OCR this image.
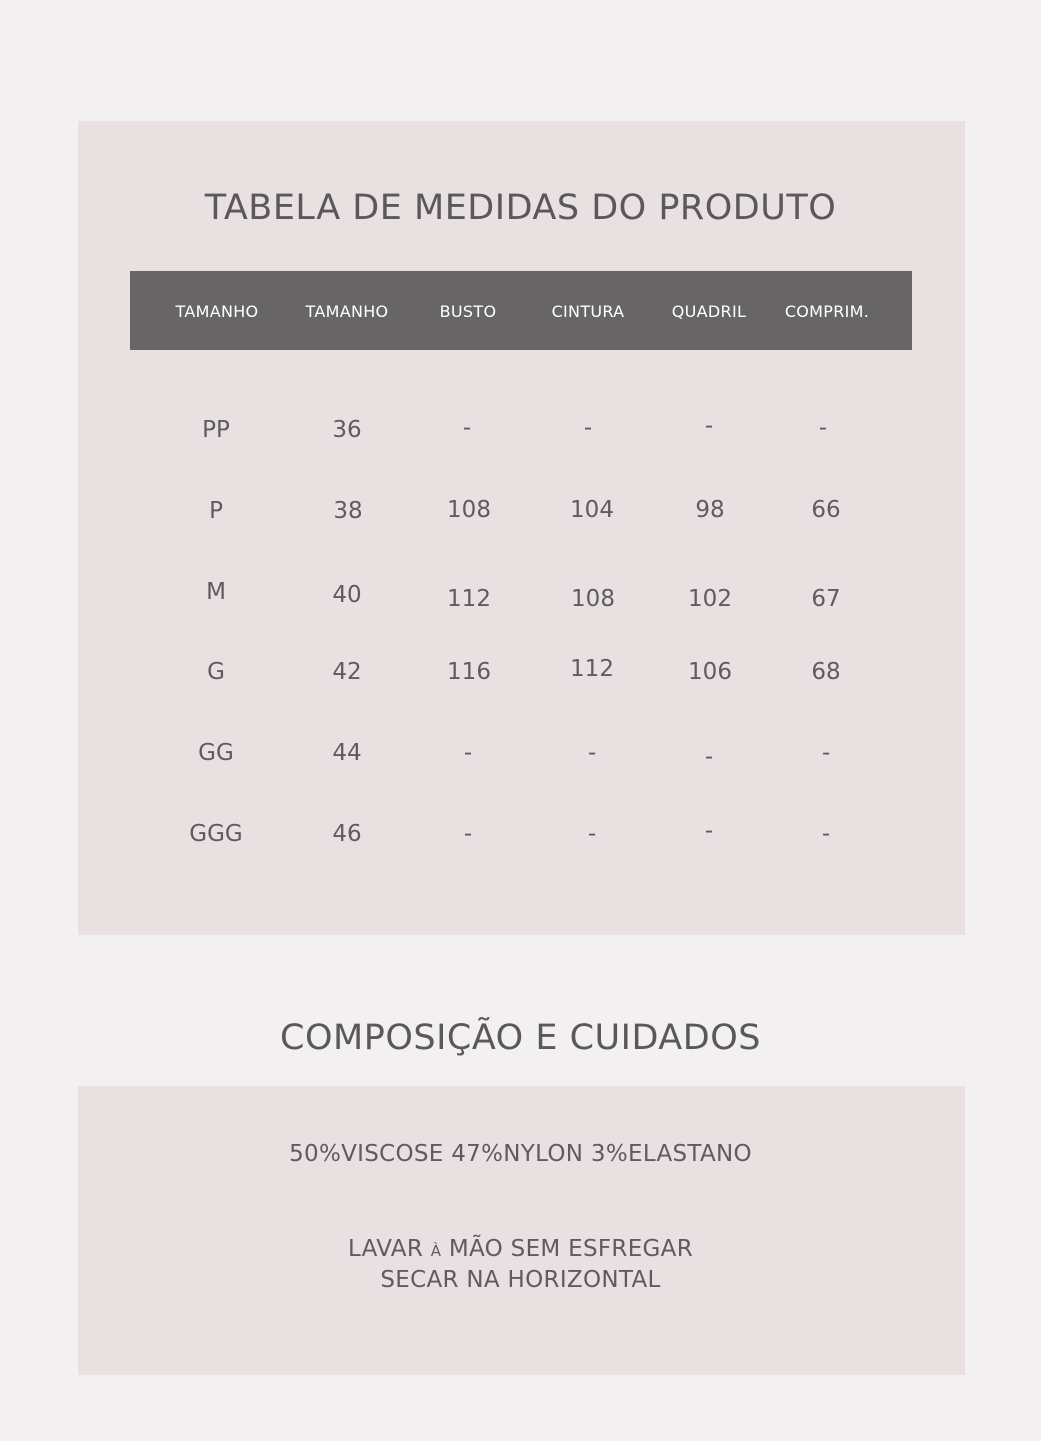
TABELA DE MEDIDAS DO PRODUTO
TAMANHO	TAMANHO	BUSTO	CINTURA	QUADRIL	COMPRIM.
PP	36	-	-	-	-
P	38	108	104	98	66
M	40	112	108	102	67
G	42	116	112	106	68
GG	44	-	-	-	-
GGG	46	-	-	-	-
COMPOSIÇÃO E CUIDADOS
50%VISCOSE 47%NYLON 3%ELASTANO
LAVAR À MÃO SEM ESFREGAR
SECAR NA HORIZONTAL
